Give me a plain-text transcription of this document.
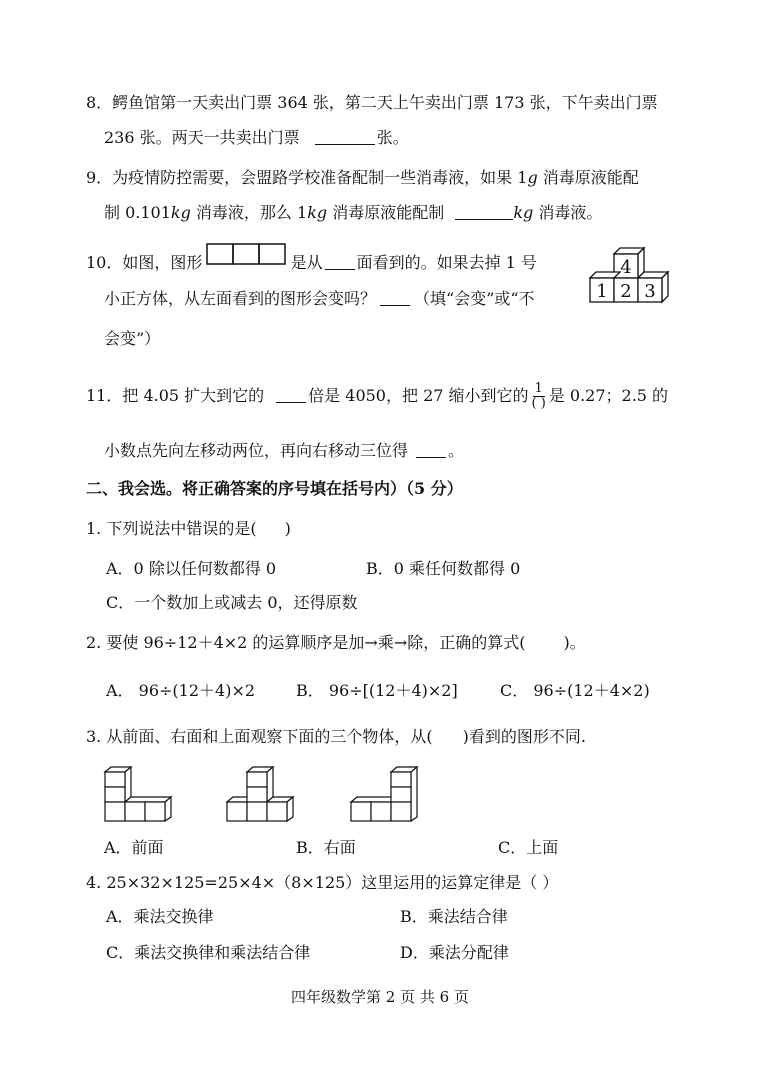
8．鳄鱼馆第一天卖出门票 364 张，第二天上午卖出门票 173 张，下午卖出门票
236 张。两天一共卖出门票	张。
9．为疫情防控需要，会盟路学校准备配制一些消毒液，如果 1g 消毒原液能配
制 0.101kg 消毒液，那么 1kg 消毒原液能配制	kg 消毒液。
10．如图，图形	是从 面看到的。如果去掉 1 号
小正方体，从左面看到的图形会变吗？ （填“会变”或“不
会变”）
4
1 2 3
11．把 4.05 扩大到它的	倍是 4050，把 27 缩小到它的 $\frac{1}{( )}$ 是 0.27；2.5 的
小数点先向左移动两位，再向右移动三位得	。
二、我会选。将正确答案的序号填在括号内）（5 分）
1. 下列说法中错误的是( )
A．0 除以任何数都得 0	B．0 乘任何数都得 0
C．一个数加上或减去 0，还得原数
2. 要使 96÷12＋4×2 的运算顺序是加→乘→除，正确的算式( )。
A． 96÷(12＋4)×2	B． 96÷[(12＋4)×2]	C． 96÷(12＋4×2)
3. 从前面、右面和上面观察下面的三个物体，从( )看到的图形不同.
A．前面	B．右面	C．上面
4. 25×32×125=25×4×（8×125）这里运用的运算定律是（ ）
A．乘法交换律	B．乘法结合律
C．乘法交换律和乘法结合律	D．乘法分配律
四年级数学第 2 页 共 6 页
